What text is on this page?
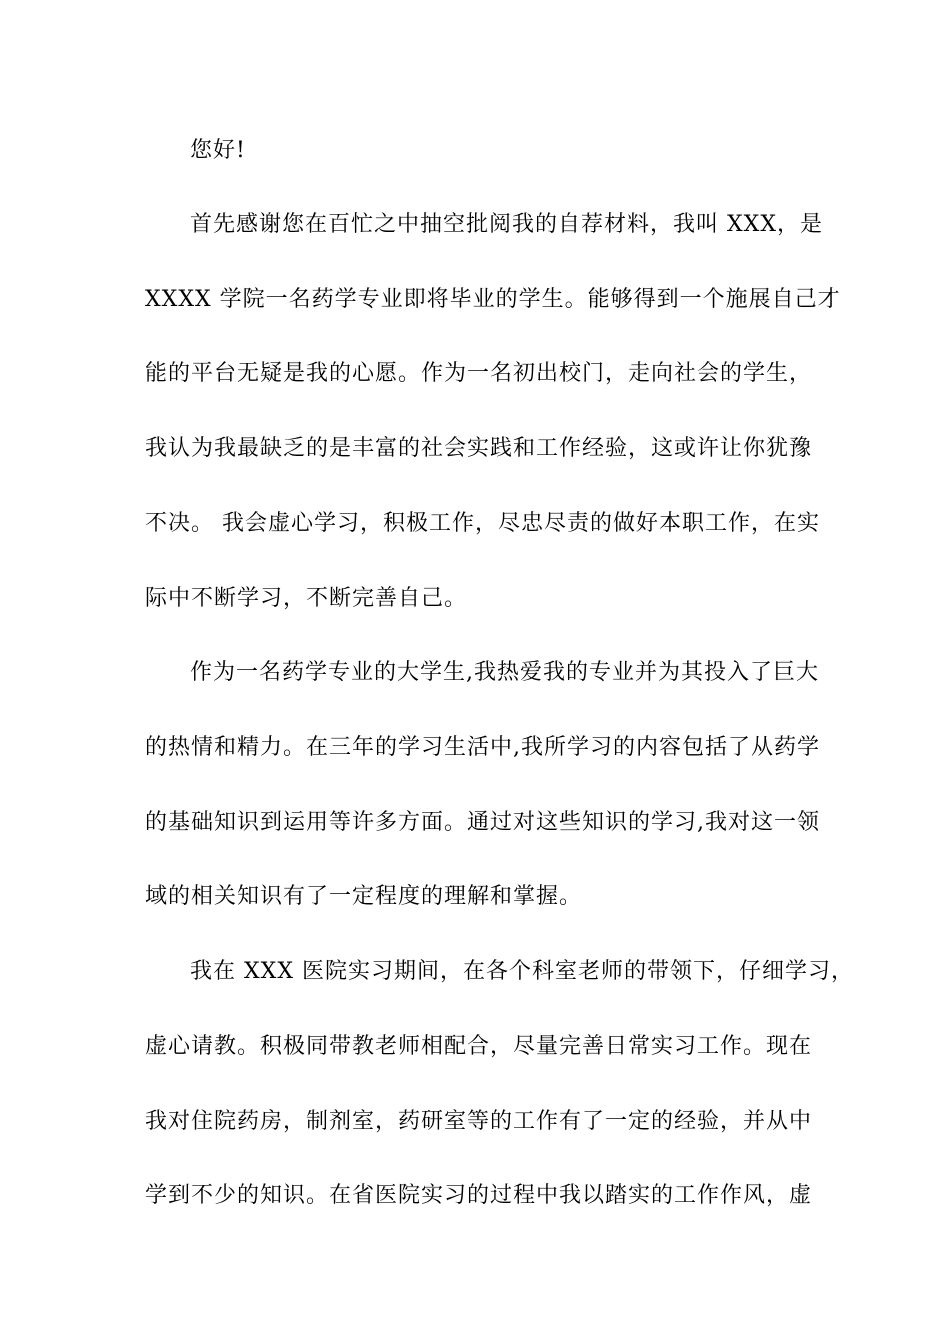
您好!
首先感谢您在百忙之中抽空批阅我的自荐材料，我叫 XXX，是
XXXX 学院一名药学专业即将毕业的学生。能够得到一个施展自己才
能的平台无疑是我的心愿。作为一名初出校门，走向社会的学生，
我认为我最缺乏的是丰富的社会实践和工作经验，这或许让你犹豫
不决。 我会虚心学习，积极工作，尽忠尽责的做好本职工作，在实
际中不断学习，不断完善自己。
作为一名药学专业的大学生,我热爱我的专业并为其投入了巨大
的热情和精力。在三年的学习生活中,我所学习的内容包括了从药学
的基础知识到运用等许多方面。通过对这些知识的学习,我对这一领
域的相关知识有了一定程度的理解和掌握。
我在 XXX 医院实习期间，在各个科室老师的带领下，仔细学习，
虚心请教。积极同带教老师相配合，尽量完善日常实习工作。现在
我对住院药房，制剂室，药研室等的工作有了一定的经验，并从中
学到不少的知识。在省医院实习的过程中我以踏实的工作作风，虚
